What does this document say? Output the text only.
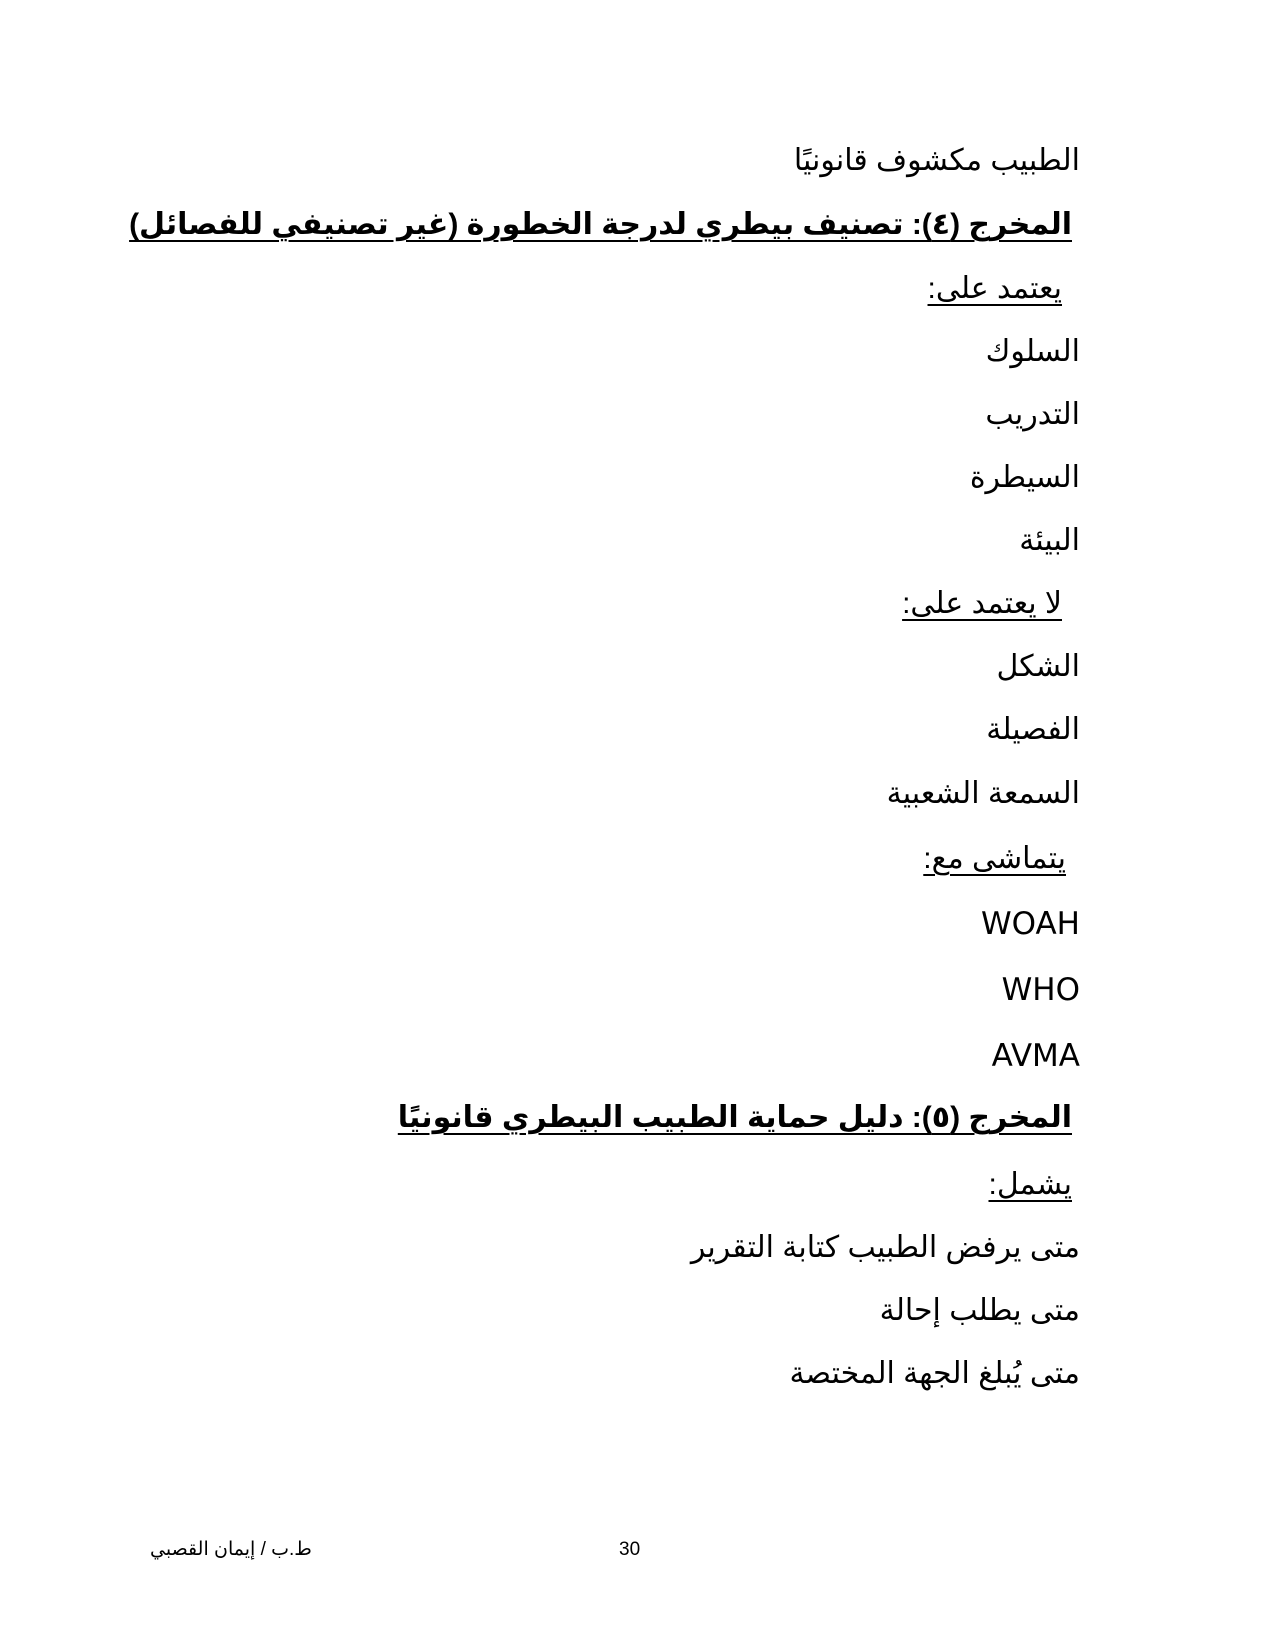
الطبيب مكشوف قانونيًا
المخرج (٤): تصنيف بيطري لدرجة الخطورة (غير تصنيفي للفصائل)
يعتمد على:
السلوك
التدريب
السيطرة
البيئة
لا يعتمد على:
الشكل
الفصيلة
السمعة الشعبية
يتماشى مع:
WOAH
WHO
AVMA
المخرج (٥): دليل حماية الطبيب البيطري قانونيًا
يشمل:
متى يرفض الطبيب كتابة التقرير
متى يطلب إحالة
متى يُبلغ الجهة المختصة
ط.ب / إيمان القصبي	30
